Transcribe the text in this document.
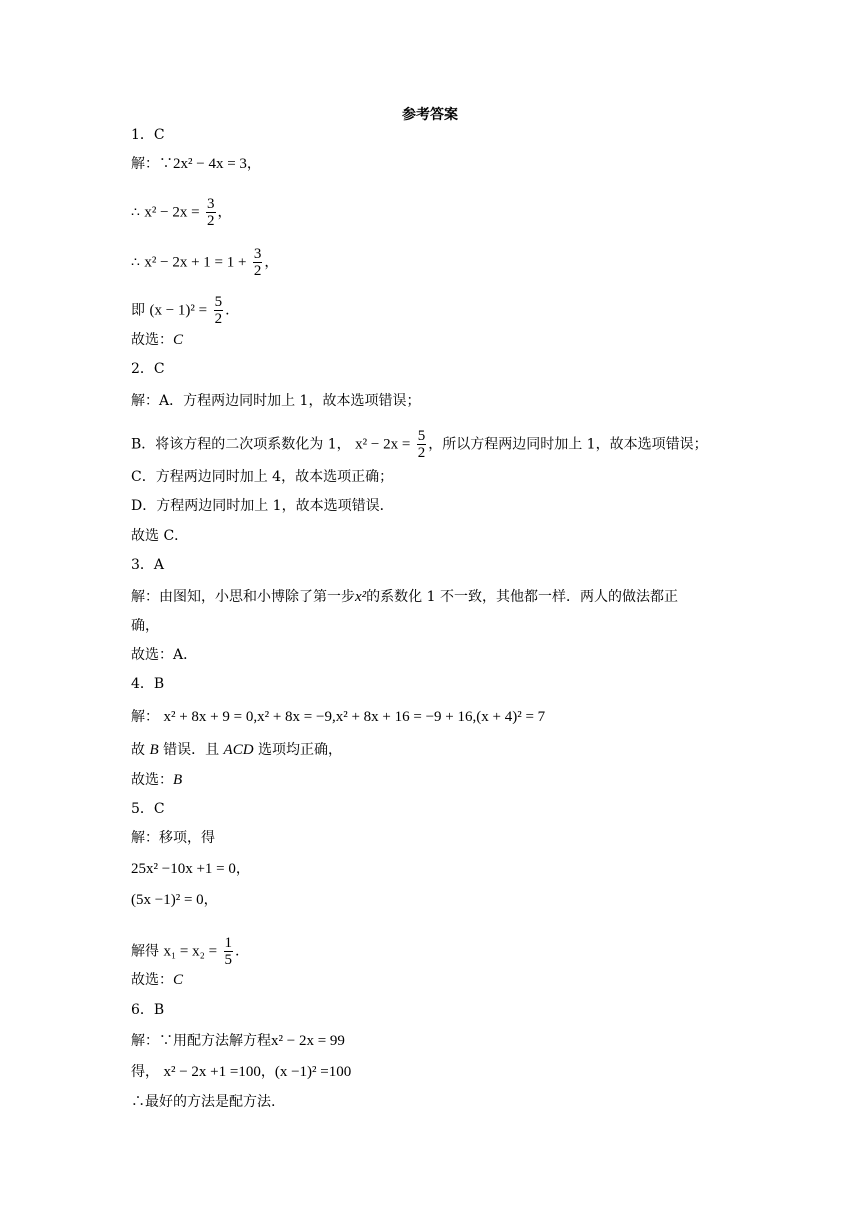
参考答案
1．C
解：∵2x² − 4x = 3，
∴ $x^2 - 2x = \frac{3}{2}$ ，
∴ $x^2 - 2x + 1 = 1 + \frac{3}{2}$ ，
即 $(x - 1)^2 = \frac{5}{2}$ .
故选：C
2．C
解：A．方程两边同时加上 1，故本选项错误；
B．将该方程的二次项系数化为 1， $x^2 - 2x = \frac{5}{2}$ ，所以方程两边同时加上 1，故本选项错误；
C．方程两边同时加上 4，故本选项正确；
D．方程两边同时加上 1，故本选项错误．
故选 C．
3．A
解：由图知，小思和小博除了第一步x²的系数化 1 不一致，其他都一样．两人的做法都正
确，
故选：A．
4．B
解： x² + 8x + 9 = 0,x² + 8x = −9,x² + 8x + 16 = −9 + 16,(x + 4)² = 7
故 B 错误．且 ACD 选项均正确，
故选：B
5．C
解：移项，得
25x² −10x +1 = 0，
(5x −1)² = 0，
解得 $x_1 = x_2 = \frac{1}{5}$ .
故选：C
6．B
解：∵用配方法解方程x² − 2x = 99
得， x² − 2x +1 =100，(x −1)² =100
∴最好的方法是配方法.
